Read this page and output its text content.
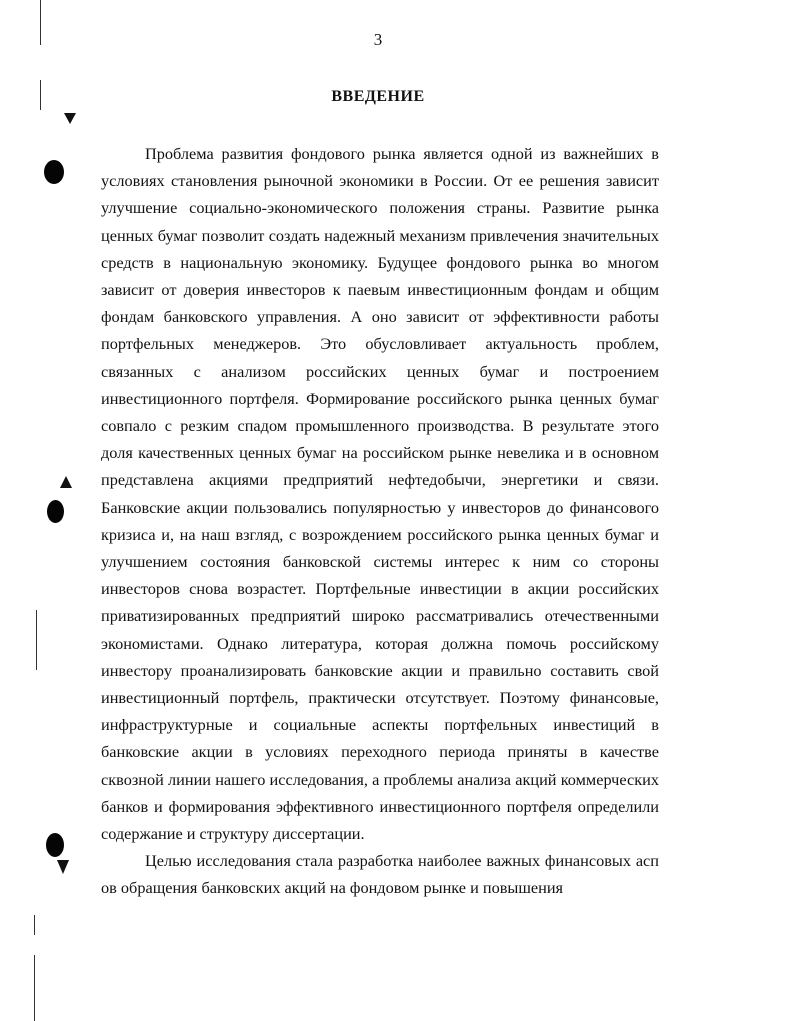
3
ВВЕДЕНИЕ

Проблема развития фондового рынка является одной из важнейших в условиях становления рыночной экономики в России. От ее решения зависит улучшение социально-экономического положения страны. Развитие рынка ценных бумаг позволит создать надежный механизм привлечения значительных средств в национальную экономику. Будущее фондового рынка во многом зависит от доверия инвесторов к паевым инвестиционным фондам и общим фондам банковского управления. А оно зависит от эффективности работы портфельных менеджеров. Это обусловливает актуальность проблем, связанных с анализом российских ценных бумаг и построением инвестиционного портфеля. Формирование российского рынка ценных бумаг совпало с резким спадом промышленного производства. В результате этого доля качественных ценных бумаг на российском рынке невелика и в основном представлена акциями предприятий нефтедобычи, энергетики и связи. Банковские акции пользовались популярностью у инвесторов до финансового кризиса и, на наш взгляд, с возрождением российского рынка ценных бумаг и улучшением состояния банковской системы интерес к ним со стороны инвесторов снова возрастет. Портфельные инвестиции в акции российских приватизированных предприятий широко рассматривались отечественными экономистами. Однако литература, которая должна помочь российскому инвестору проанализировать банковские акции и правильно составить свой инвестиционный портфель, практически отсутствует. Поэтому финансовые, инфраструктурные и социальные аспекты портфельных инвестиций в банковские акции в условиях переходного периода приняты в качестве сквозной линии нашего исследования, а проблемы анализа акций коммерческих банков и формирования эффективного инвестиционного портфеля определили содержание и структуру диссертации.

Целью исследования стала разработка наиболее важных финансовых асп ов обращения банковских акций на фондовом рынке и повышения
